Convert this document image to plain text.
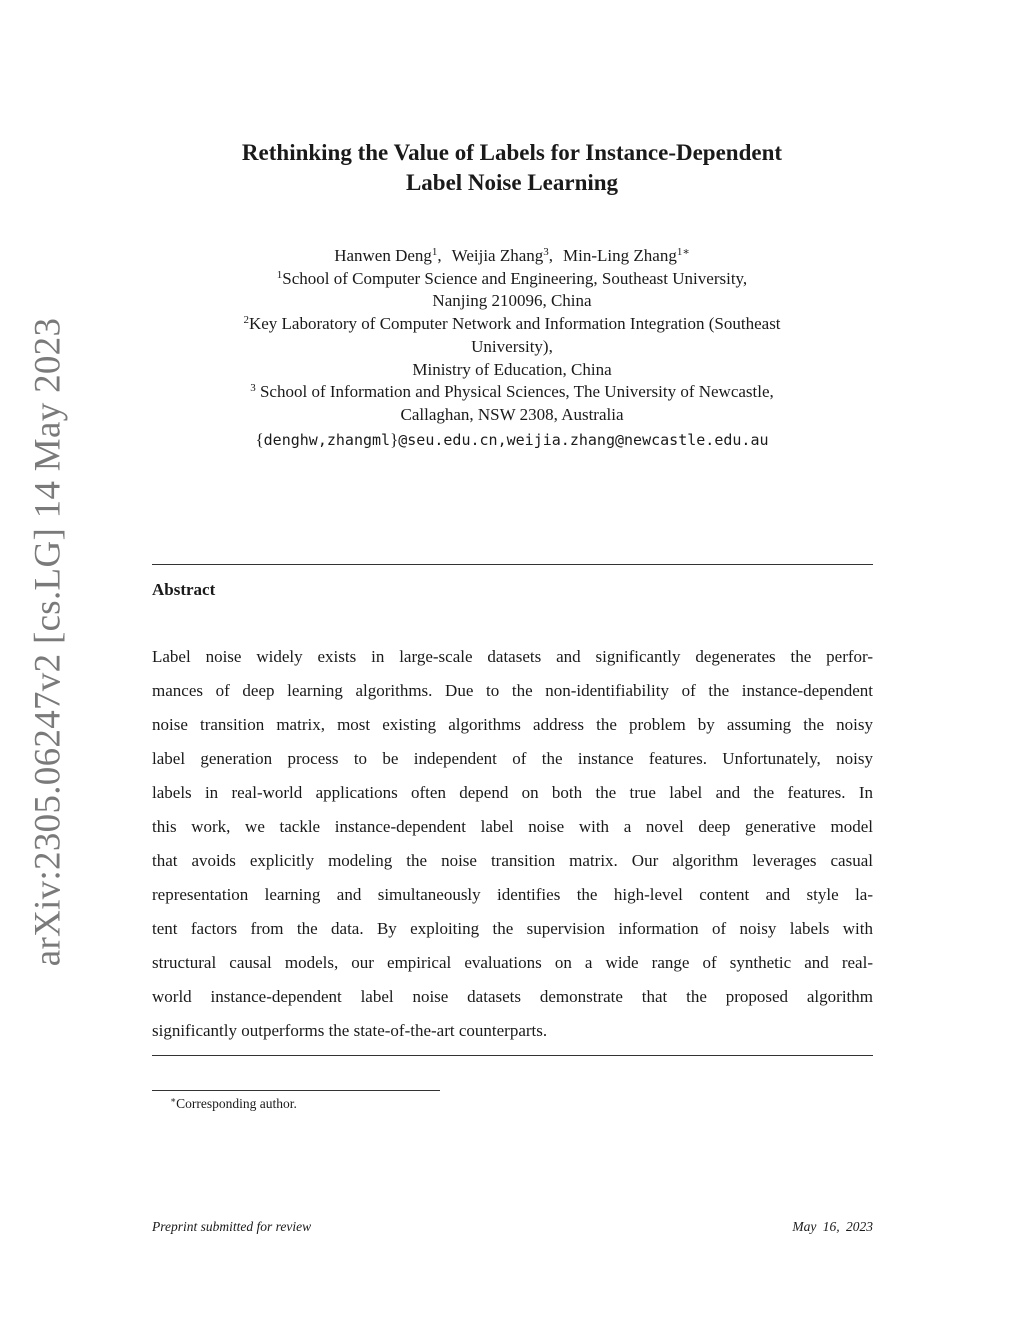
arXiv:2305.06247v2 [cs.LG] 14 May 2023
Rethinking the Value of Labels for Instance-Dependent
Label Noise Learning
Hanwen Deng$^1$, Weijia Zhang$^3$, Min-Ling Zhang$^{1∗}$
$^1$School of Computer Science and Engineering, Southeast University,
Nanjing 210096, China
$^2$Key Laboratory of Computer Network and Information Integration (Southeast
University),
Ministry of Education, China
$^3$ School of Information and Physical Sciences, The University of Newcastle,
Callaghan, NSW 2308, Australia
{denghw,zhangml}@seu.edu.cn,weijia.zhang@newcastle.edu.au
Abstract
Label noise widely exists in large-scale datasets and significantly degenerates the perfor-
mances of deep learning algorithms. Due to the non-identifiability of the instance-dependent
noise transition matrix, most existing algorithms address the problem by assuming the noisy
label generation process to be independent of the instance features. Unfortunately, noisy
labels in real-world applications often depend on both the true label and the features. In
this work, we tackle instance-dependent label noise with a novel deep generative model
that avoids explicitly modeling the noise transition matrix. Our algorithm leverages casual
representation learning and simultaneously identifies the high-level content and style la-
tent factors from the data. By exploiting the supervision information of noisy labels with
structural causal models, our empirical evaluations on a wide range of synthetic and real-
world instance-dependent label noise datasets demonstrate that the proposed algorithm
significantly outperforms the state-of-the-art counterparts.
∗Corresponding author.
Preprint submitted for review	May 16, 2023
